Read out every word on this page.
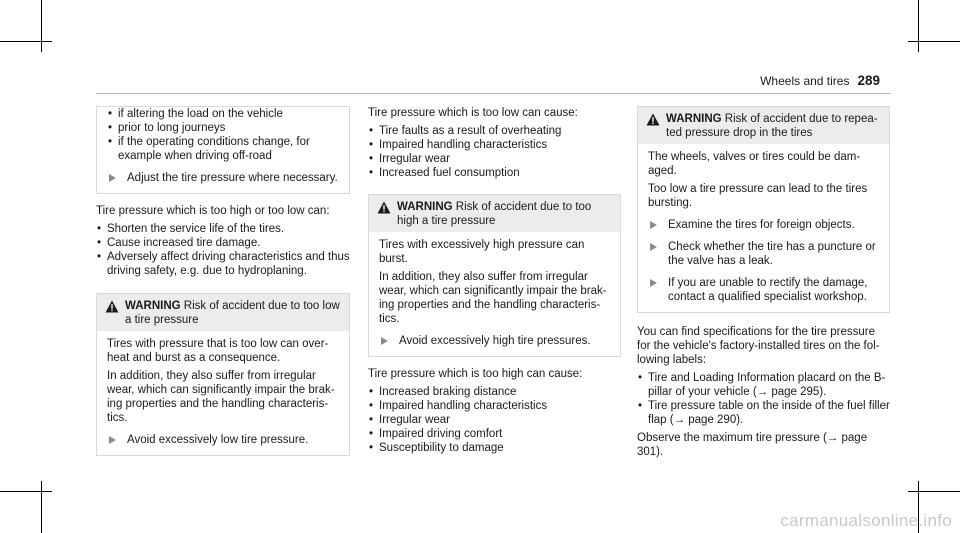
Wheels and tires 289
• if altering the load on the vehicle
• prior to long journeys
• if the operating conditions change, for example when driving off-road
Adjust the tire pressure where necessary.

Tire pressure which is too high or too low can:

• Shorten the service life of the tires.
• Cause increased tire damage.
• Adversely affect driving characteristics and thus driving safety, e.g. due to hydroplaning.
WARNING Risk of accident due to too low a tire pressure

Tires with pressure that is too low can overheat and burst as a consequence.

In addition, they also suffer from irregular wear, which can significantly impair the braking properties and the handling characteristics.

Avoid excessively low tire pressure.

Tire pressure which is too low can cause:

• Tire faults as a result of overheating
• Impaired handling characteristics
• Irregular wear
• Increased fuel consumption
WARNING Risk of accident due to too high a tire pressure

Tires with excessively high pressure can burst.

In addition, they also suffer from irregular wear, which can significantly impair the braking properties and the handling characteristics.

Avoid excessively high tire pressures.

Tire pressure which is too high can cause:

• Increased braking distance
• Impaired handling characteristics
• Irregular wear
• Impaired driving comfort
• Susceptibility to damage
WARNING Risk of accident due to repeated pressure drop in the tires

The wheels, valves or tires could be damaged.

Too low a tire pressure can lead to the tires bursting.

Examine the tires for foreign objects.
Check whether the tire has a puncture or the valve has a leak.
If you are unable to rectify the damage, contact a qualified specialist workshop.

You can find specifications for the tire pressure for the vehicle's factory-installed tires on the following labels:

• Tire and Loading Information placard on the B-pillar of your vehicle (→ page 295).
• Tire pressure table on the inside of the fuel filler flap (→ page 290).

Observe the maximum tire pressure (→ page 301).

carmanualsonline.info
